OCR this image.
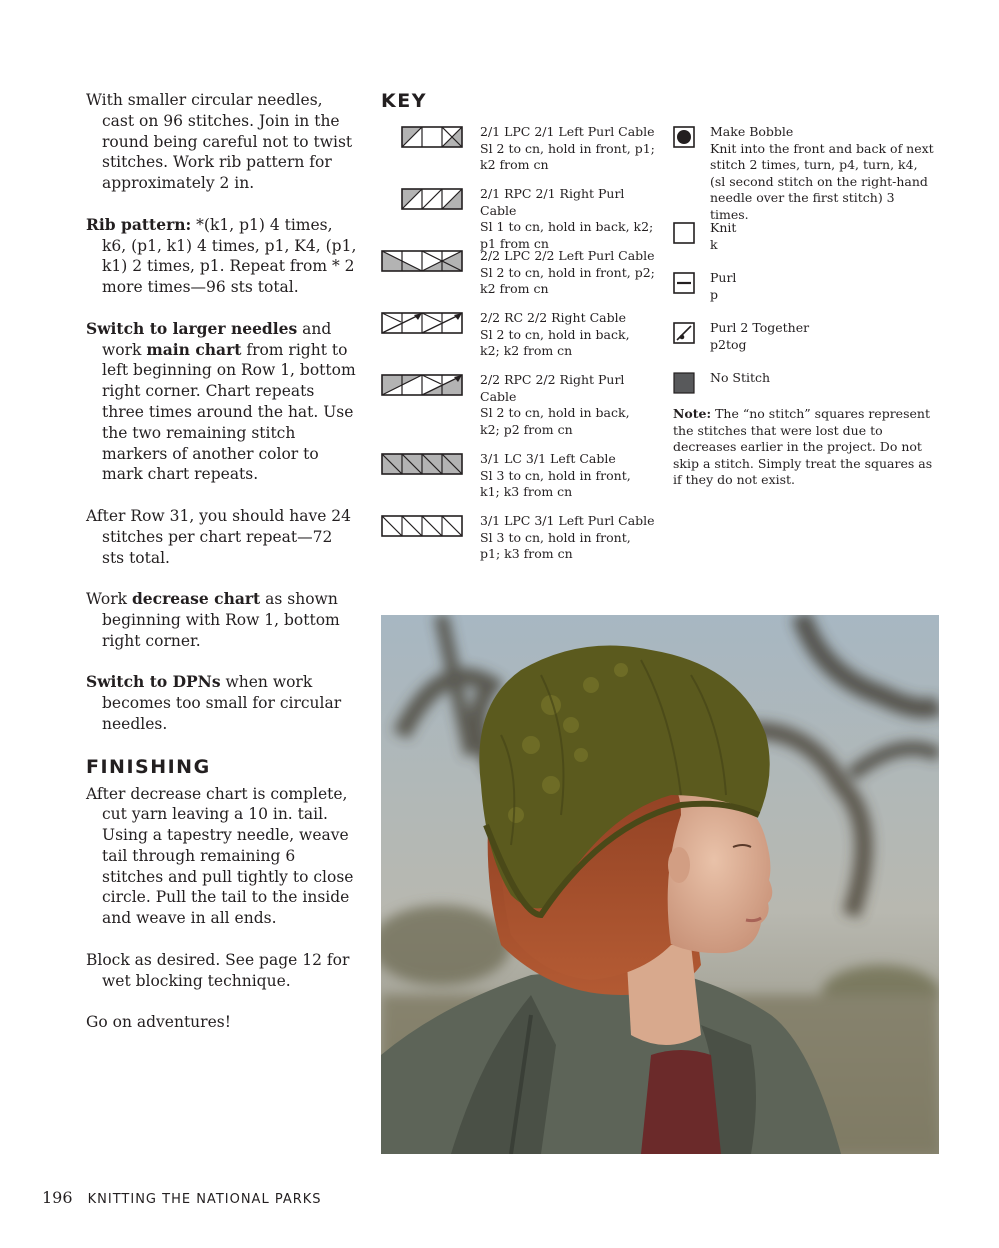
With smaller circular needles, cast on 96 stitches. Join in the round being careful not to twist stitches. Work rib pattern for approximately 2 in.

Rib pattern: *(k1, p1) 4 times, k6, (p1, k1) 4 times, p1, K4, (p1, k1) 2 times, p1. Repeat from * 2 more times—96 sts total.

Switch to larger needles and work main chart from right to left beginning on Row 1, bottom right corner. Chart repeats three times around the hat. Use the two remaining stitch markers of another color to mark chart repeats.

After Row 31, you should have 24 stitches per chart repeat—72 sts total.

Work decrease chart as shown beginning with Row 1, bottom right corner.

Switch to DPNs when work becomes too small for circular needles.

FINISHING

After decrease chart is complete, cut yarn leaving a 10 in. tail. Using a tapestry needle, weave tail through remaining 6 stitches and pull tightly to close circle. Pull the tail to the inside and weave in all ends.

Block as desired. See page 12 for wet blocking technique.

Go on adventures!

KEY
2/1 LPC 2/1 Left Purl Cable
Sl 2 to cn, hold in front, p1;
k2 from cn
2/1 RPC 2/1 Right Purl Cable
Sl 1 to cn, hold in back, k2;
p1 from cn
2/2 LPC 2/2 Left Purl Cable
Sl 2 to cn, hold in front, p2;
k2 from cn
2/2 RC 2/2 Right Cable
Sl 2 to cn, hold in back,
k2; k2 from cn
2/2 RPC 2/2 Right Purl
Cable
Sl 2 to cn, hold in back,
k2; p2 from cn
3/1 LC 3/1 Left Cable
Sl 3 to cn, hold in front,
k1; k3 from cn
3/1 LPC 3/1 Left Purl Cable
Sl 3 to cn, hold in front,
p1; k3 from cn
Make Bobble
Knit into the front and back of next stitch 2 times, turn, p4, turn, k4, (sl second stitch on the right-hand needle over the first stitch) 3 times.
Knit
k
Purl
p
Purl 2 Together
p2tog
No Stitch

Note: The “no stitch” squares represent the stitches that were lost due to decreases earlier in the project. Do not skip a stitch. Simply treat the squares as if they do not exist.

196 KNITTING THE NATIONAL PARKS
